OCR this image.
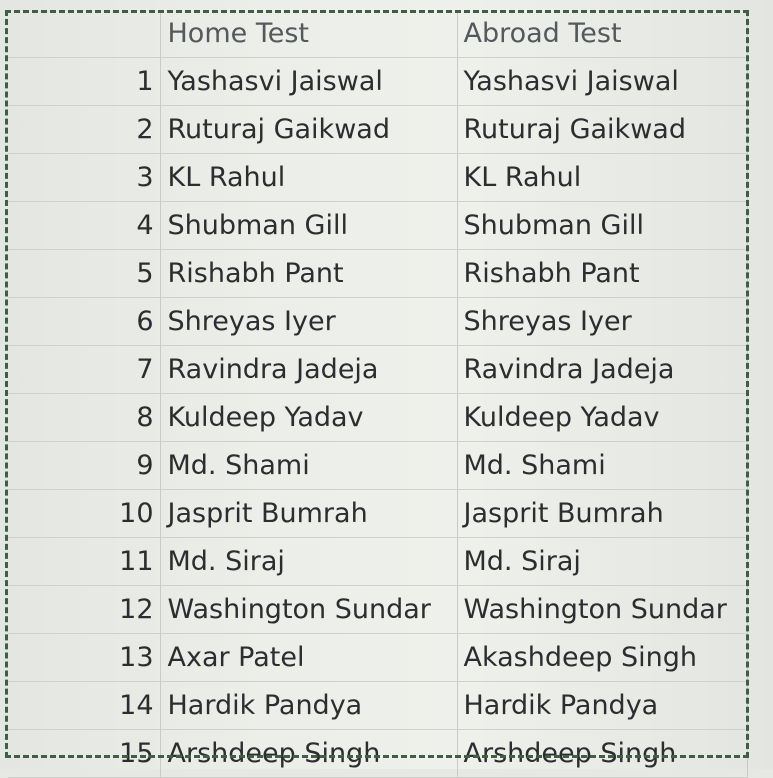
	Home Test	Abroad Test
1	Yashasvi Jaiswal	Yashasvi Jaiswal
2	Ruturaj Gaikwad	Ruturaj Gaikwad
3	KL Rahul	KL Rahul
4	Shubman Gill	Shubman Gill
5	Rishabh Pant	Rishabh Pant
6	Shreyas Iyer	Shreyas Iyer
7	Ravindra Jadeja	Ravindra Jadeja
8	Kuldeep Yadav	Kuldeep Yadav
9	Md. Shami	Md. Shami
10	Jasprit Bumrah	Jasprit Bumrah
11	Md. Siraj	Md. Siraj
12	Washington Sundar	Washington Sundar
13	Axar Patel	Akashdeep Singh
14	Hardik Pandya	Hardik Pandya
15	Arshdeep Singh	Arshdeep Singh
